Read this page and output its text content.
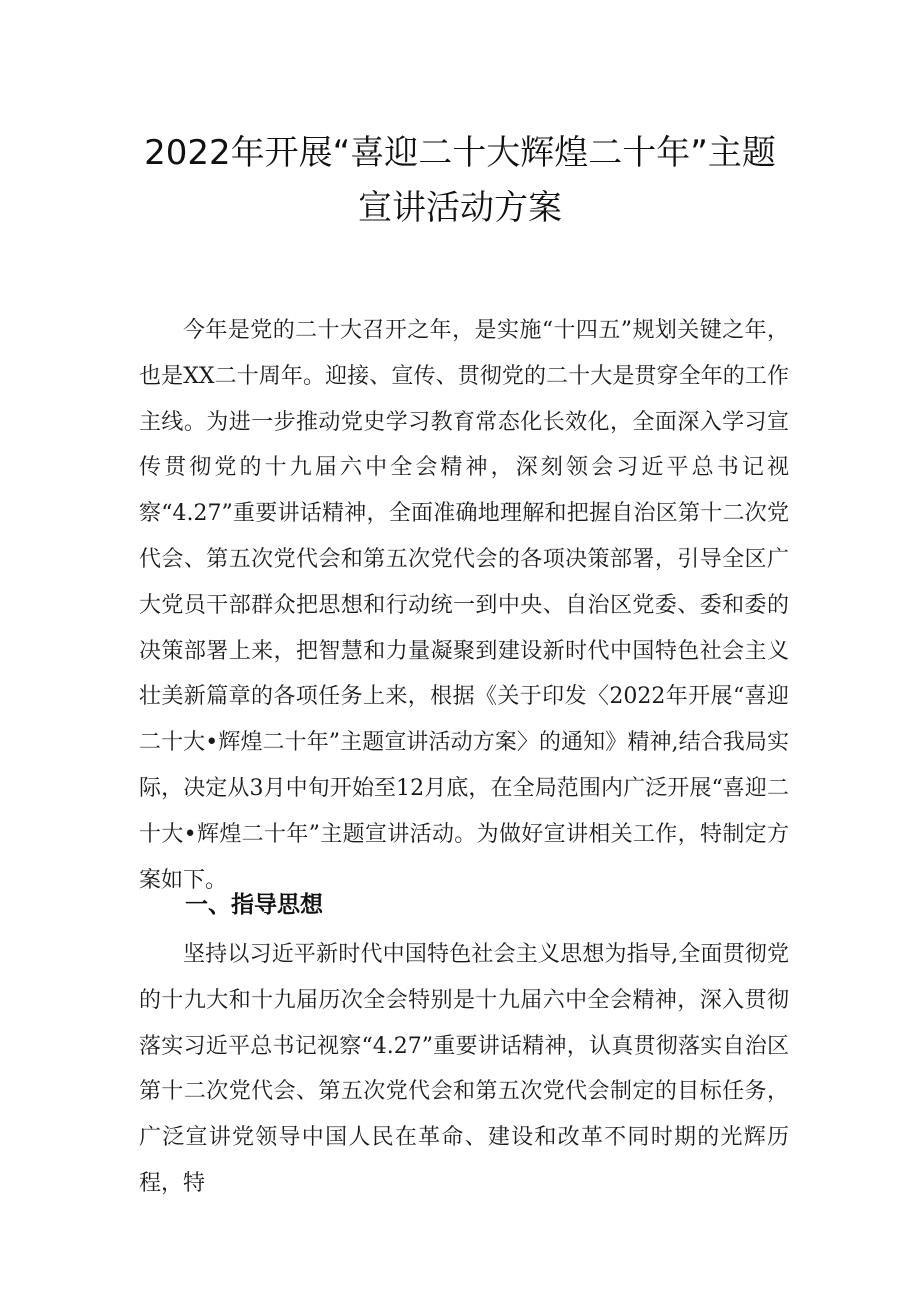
2022年开展“喜迎二十大辉煌二十年”主题
宣讲活动方案

今年是党的二十大召开之年，是实施“十四五”规划关键之年，也是XX二十周年。迎接、宣传、贯彻党的二十大是贯穿全年的工作主线。为进一步推动党史学习教育常态化长效化，全面深入学习宣传贯彻党的十九届六中全会精神，深刻领会习近平总书记视察“4.27”重要讲话精神，全面准确地理解和把握自治区第十二次党代会、第五次党代会和第五次党代会的各项决策部署，引导全区广大党员干部群众把思想和行动统一到中央、自治区党委、委和委的决策部署上来，把智慧和力量凝聚到建设新时代中国特色社会主义壮美新篇章的各项任务上来，根据《关于印发〈2022年开展“喜迎二十大•辉煌二十年”主题宣讲活动方案〉的通知》精神,结合我局实际，决定从3月中旬开始至12月底，在全局范围内广泛开展“喜迎二十大•辉煌二十年”主题宣讲活动。为做好宣讲相关工作，特制定方案如下。

一、指导思想

坚持以习近平新时代中国特色社会主义思想为指导,全面贯彻党的十九大和十九届历次全会特别是十九届六中全会精神，深入贯彻落实习近平总书记视察“4.27”重要讲话精神，认真贯彻落实自治区第十二次党代会、第五次党代会和第五次党代会制定的目标任务，广泛宣讲党领导中国人民在革命、建设和改革不同时期的光辉历程，特
